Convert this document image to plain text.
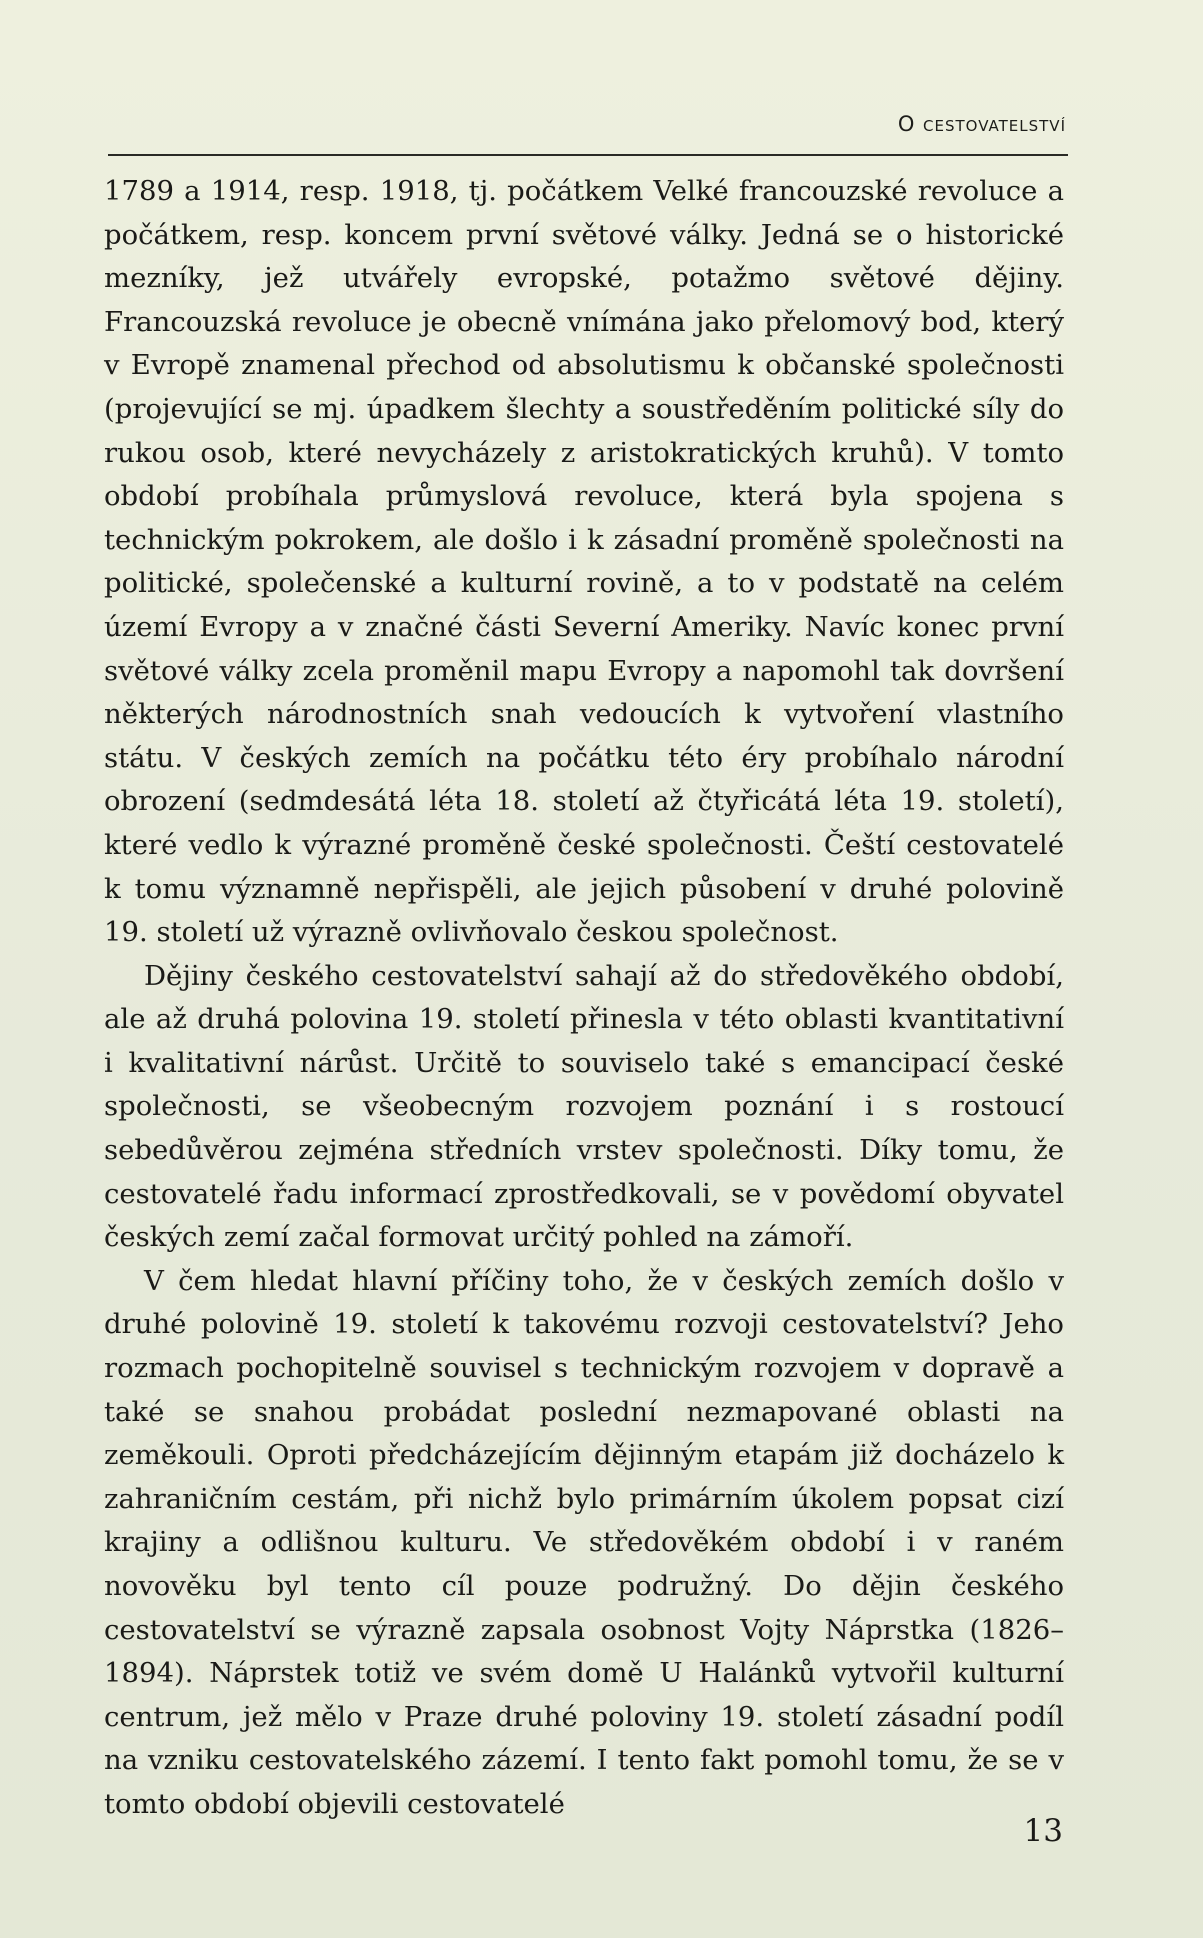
O cestovatelství

1789 a 1914, resp. 1918, tj. počátkem Velké francouzské revoluce a počátkem, resp. koncem první světové války. Jedná se o historické mezníky, jež utvářely evropské, potažmo světové dějiny. Francouzská revoluce je obecně vnímána jako přelomový bod, který v Evropě znamenal přechod od absolutismu k občanské společnosti (projevující se mj. úpadkem šlechty a soustředěním politické síly do rukou osob, které nevycházely z aristokratických kruhů). V tomto období probíhala průmyslová revoluce, která byla spojena s technickým pokrokem, ale došlo i k zásadní proměně společnosti na politické, společenské a kulturní rovině, a to v podstatě na celém území Evropy a v značné části Severní Ameriky. Navíc konec první světové války zcela proměnil mapu Evropy a napomohl tak dovršení některých národnostních snah vedoucích k vytvoření vlastního státu. V českých zemích na počátku této éry probíhalo národní obrození (sedmdesátá léta 18. století až čtyřicátá léta 19. století), které vedlo k výrazné proměně české společnosti. Čeští cestovatelé k tomu významně nepřispěli, ale jejich působení v druhé polovině 19. století už výrazně ovlivňovalo českou společnost.

Dějiny českého cestovatelství sahají až do středověkého období, ale až druhá polovina 19. století přinesla v této oblasti kvantitativní i kvalitativní nárůst. Určitě to souviselo také s emancipací české společnosti, se všeobecným rozvojem poznání i s rostoucí sebedůvěrou zejména středních vrstev společnosti. Díky tomu, že cestovatelé řadu informací zprostředkovali, se v povědomí obyvatel českých zemí začal formovat určitý pohled na zámoří.

V čem hledat hlavní příčiny toho, že v českých zemích došlo v druhé polovině 19. století k takovému rozvoji cestovatelství? Jeho rozmach pochopitelně souvisel s technickým rozvojem v dopravě a také se snahou probádat poslední nezmapované oblasti na zeměkouli. Oproti předcházejícím dějinným etapám již docházelo k zahraničním cestám, při nichž bylo primárním úkolem popsat cizí krajiny a odlišnou kulturu. Ve středověkém období i v raném novověku byl tento cíl pouze podružný. Do dějin českého cestovatelství se výrazně zapsala osobnost Vojty Náprstka (1826–1894). Náprstek totiž ve svém domě U Halánků vytvořil kulturní centrum, jež mělo v Praze druhé poloviny 19. století zásadní podíl na vzniku cestovatelského zázemí. I tento fakt pomohl tomu, že se v tomto období objevili cestovatelé

13
